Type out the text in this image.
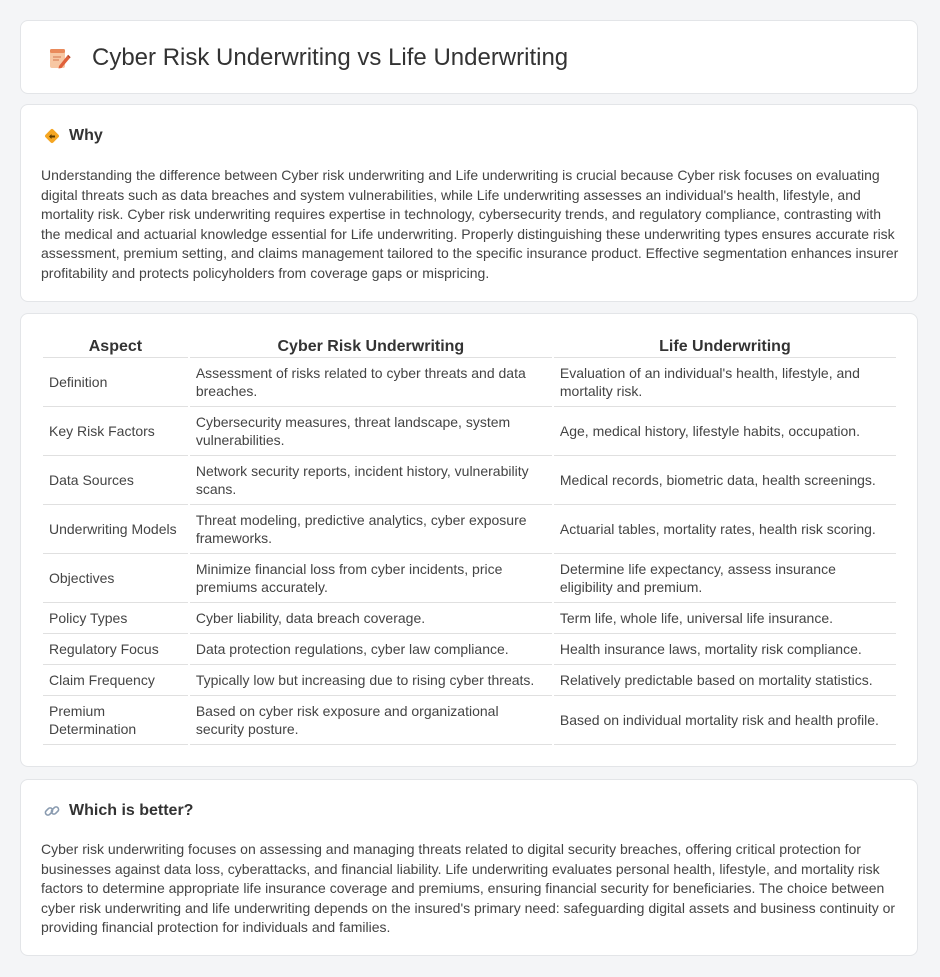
Cyber Risk Underwriting vs Life Underwriting
Why

Understanding the difference between Cyber risk underwriting and Life underwriting is crucial because Cyber risk focuses on evaluating digital threats such as data breaches and system vulnerabilities, while Life underwriting assesses an individual's health, lifestyle, and mortality risk. Cyber risk underwriting requires expertise in technology, cybersecurity trends, and regulatory compliance, contrasting with the medical and actuarial knowledge essential for Life underwriting. Properly distinguishing these underwriting types ensures accurate risk assessment, premium setting, and claims management tailored to the specific insurance product. Effective segmentation enhances insurer profitability and protects policyholders from coverage gaps or mispricing.

Aspect	Cyber Risk Underwriting	Life Underwriting
Definition	Assessment of risks related to cyber threats and data breaches.	Evaluation of an individual's health, lifestyle, and mortality risk.
Key Risk Factors	Cybersecurity measures, threat landscape, system vulnerabilities.	Age, medical history, lifestyle habits, occupation.
Data Sources	Network security reports, incident history, vulnerability scans.	Medical records, biometric data, health screenings.
Underwriting Models	Threat modeling, predictive analytics, cyber exposure frameworks.	Actuarial tables, mortality rates, health risk scoring.
Objectives	Minimize financial loss from cyber incidents, price premiums accurately.	Determine life expectancy, assess insurance eligibility and premium.
Policy Types	Cyber liability, data breach coverage.	Term life, whole life, universal life insurance.
Regulatory Focus	Data protection regulations, cyber law compliance.	Health insurance laws, mortality risk compliance.
Claim Frequency	Typically low but increasing due to rising cyber threats.	Relatively predictable based on mortality statistics.
Premium Determination	Based on cyber risk exposure and organizational security posture.	Based on individual mortality risk and health profile.
Which is better?

Cyber risk underwriting focuses on assessing and managing threats related to digital security breaches, offering critical protection for businesses against data loss, cyberattacks, and financial liability. Life underwriting evaluates personal health, lifestyle, and mortality risk factors to determine appropriate life insurance coverage and premiums, ensuring financial security for beneficiaries. The choice between cyber risk underwriting and life underwriting depends on the insured's primary need: safeguarding digital assets and business continuity or providing financial protection for individuals and families.
